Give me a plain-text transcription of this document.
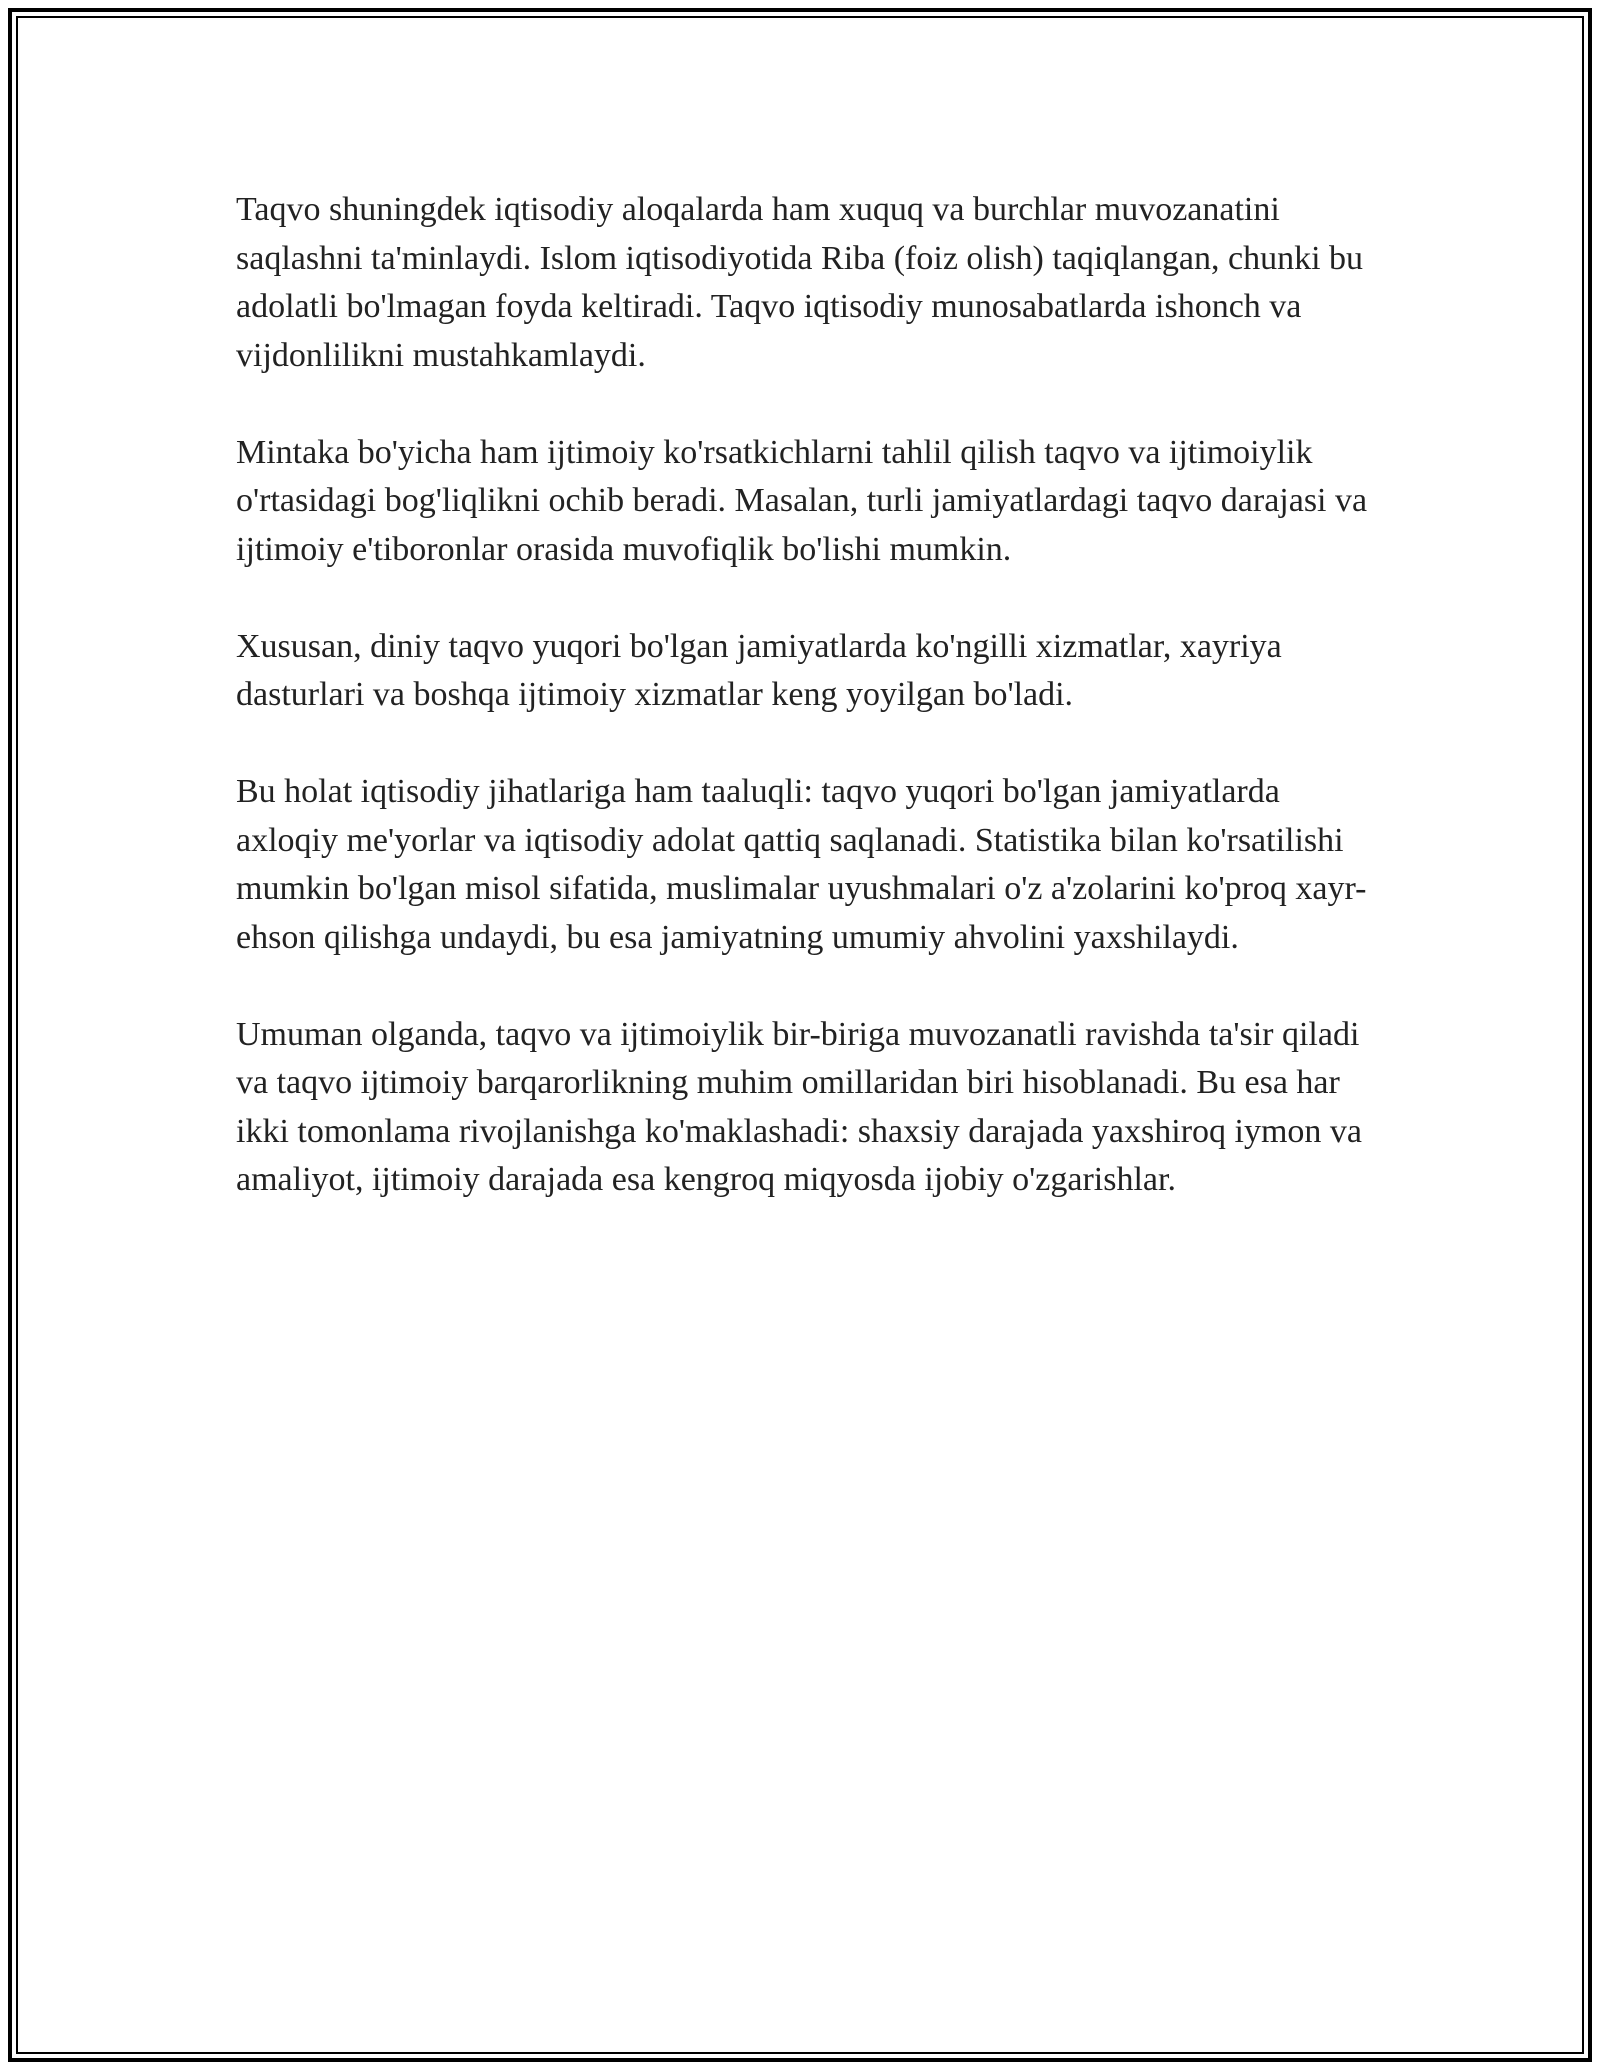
Taqvo shuningdek iqtisodiy aloqalarda ham xuquq va burchlar muvozanatini saqlashni ta'minlaydi. Islom iqtisodiyotida Riba (foiz olish) taqiqlangan, chunki bu adolatli bo'lmagan foyda keltiradi. Taqvo iqtisodiy munosabatlarda ishonch va vijdonlilikni mustahkamlaydi.

Mintaka bo'yicha ham ijtimoiy ko'rsatkichlarni tahlil qilish taqvo va ijtimoiylik o'rtasidagi bog'liqlikni ochib beradi. Masalan, turli jamiyatlardagi taqvo darajasi va ijtimoiy e'tiboronlar orasida muvofiqlik bo'lishi mumkin.

Xususan, diniy taqvo yuqori bo'lgan jamiyatlarda ko'ngilli xizmatlar, xayriya dasturlari va boshqa ijtimoiy xizmatlar keng yoyilgan bo'ladi.

Bu holat iqtisodiy jihatlariga ham taaluqli: taqvo yuqori bo'lgan jamiyatlarda axloqiy me'yorlar va iqtisodiy adolat qattiq saqlanadi. Statistika bilan ko'rsatilishi mumkin bo'lgan misol sifatida, muslimalar uyushmalari o'z a'zolarini ko'proq xayr-ehson qilishga undaydi, bu esa jamiyatning umumiy ahvolini yaxshilaydi.

Umuman olganda, taqvo va ijtimoiylik bir-biriga muvozanatli ravishda ta'sir qiladi va taqvo ijtimoiy barqarorlikning muhim omillaridan biri hisoblanadi. Bu esa har ikki tomonlama rivojlanishga ko'maklashadi: shaxsiy darajada yaxshiroq iymon va amaliyot, ijtimoiy darajada esa kengroq miqyosda ijobiy o'zgarishlar.
